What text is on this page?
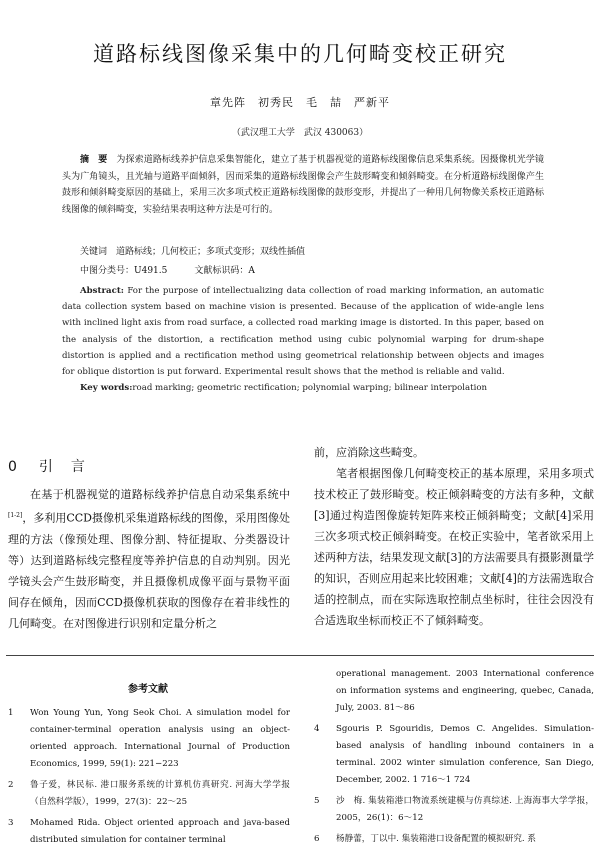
道路标线图像采集中的几何畸变校正研究
章先阵　初秀民　毛　喆　严新平
（武汉理工大学　武汉 430063）
摘　要　 为探索道路标线养护信息采集智能化，建立了基于机器视觉的道路标线图像信息采集系统。因摄像机光学镜头为广角镜头，且光轴与道路平面倾斜，因而采集的道路标线图像会产生鼓形畸变和倾斜畸变。在分析道路标线图像产生鼓形和倾斜畸变原因的基础上，采用三次多项式校正道路标线图像的鼓形变形，并提出了一种用几何物像关系校正道路标线图像的倾斜畸变，实验结果表明这种方法是可行的。
关键词　 道路标线；几何校正；多项式变形；双线性插值
中图分类号：U491.5　　　	文献标识码：A
Abstract: For the purpose of intellectualizing data collection of road marking information, an automatic data collection system based on machine vision is presented. Because of the application of wide-angle lens with inclined light axis from road surface, a collected road marking image is distorted. In this paper, based on the analysis of the distortion, a rectification method using cubic polynomial warping for drum-shape distortion is applied and a rectification method using geometrical relationship between objects and images for oblique distortion is put forward. Experimental result shows that the method is reliable and valid.
Key words:road marking; geometric rectification; polynomial warping; bilinear interpolation
0 引 言

在基于机器视觉的道路标线养护信息自动采集系统中[1-2]，多利用CCD摄像机采集道路标线的图像，采用图像处理的方法（像预处理、图像分割、特征提取、分类器设计等）达到道路标线完整程度等养护信息的自动判别。因光学镜头会产生鼓形畸变，并且摄像机成像平面与景物平面间存在倾角，因而CCD摄像机获取的图像存在着非线性的几何畸变。在对图像进行识别和定量分析之

前，应消除这些畸变。

笔者根据图像几何畸变校正的基本原理，采用多项式技术校正了鼓形畸变。校正倾斜畸变的方法有多种，文献[3]通过构造图像旋转矩阵来校正倾斜畸变；文献[4]采用三次多项式校正倾斜畸变。在校正实验中，笔者欲采用上述两种方法，结果发现文献[3]的方法需要具有摄影测量学的知识，否则应用起来比较困难；文献[4]的方法需选取合适的控制点，而在实际选取控制点坐标时，往往会因没有合适选取坐标而校正不了倾斜畸变。

参考文献
1 Won Young Yun, Yong Seok Choi. A simulation model for container-terminal operation analysis using an object-oriented approach. International Journal of Production Economics, 1999, 59(1): 221−223
2 鲁子爱，林民标. 港口服务系统的计算机仿真研究. 河海大学学报（自然科学版），1999，27(3)：22～25
3 Mohamed Rida. Object oriented approach and java-based distributed simulation for container terminal
operational management. 2003 International conference on information systems and engineering, quebec, Canada, July, 2003. 81～86
4 Sgouris P. Sgouridis, Demos C. Angelides. Simulation-based analysis of handling inbound containers in a terminal. 2002 winter simulation conference, San Diego, December, 2002. 1 716～1 724
5 沙　梅. 集装箱港口物流系统建模与仿真综述. 上海海事大学学报，2005，26(1)：6～12
6 杨静蕾，丁以中. 集装箱港口设备配置的模拟研究. 系
